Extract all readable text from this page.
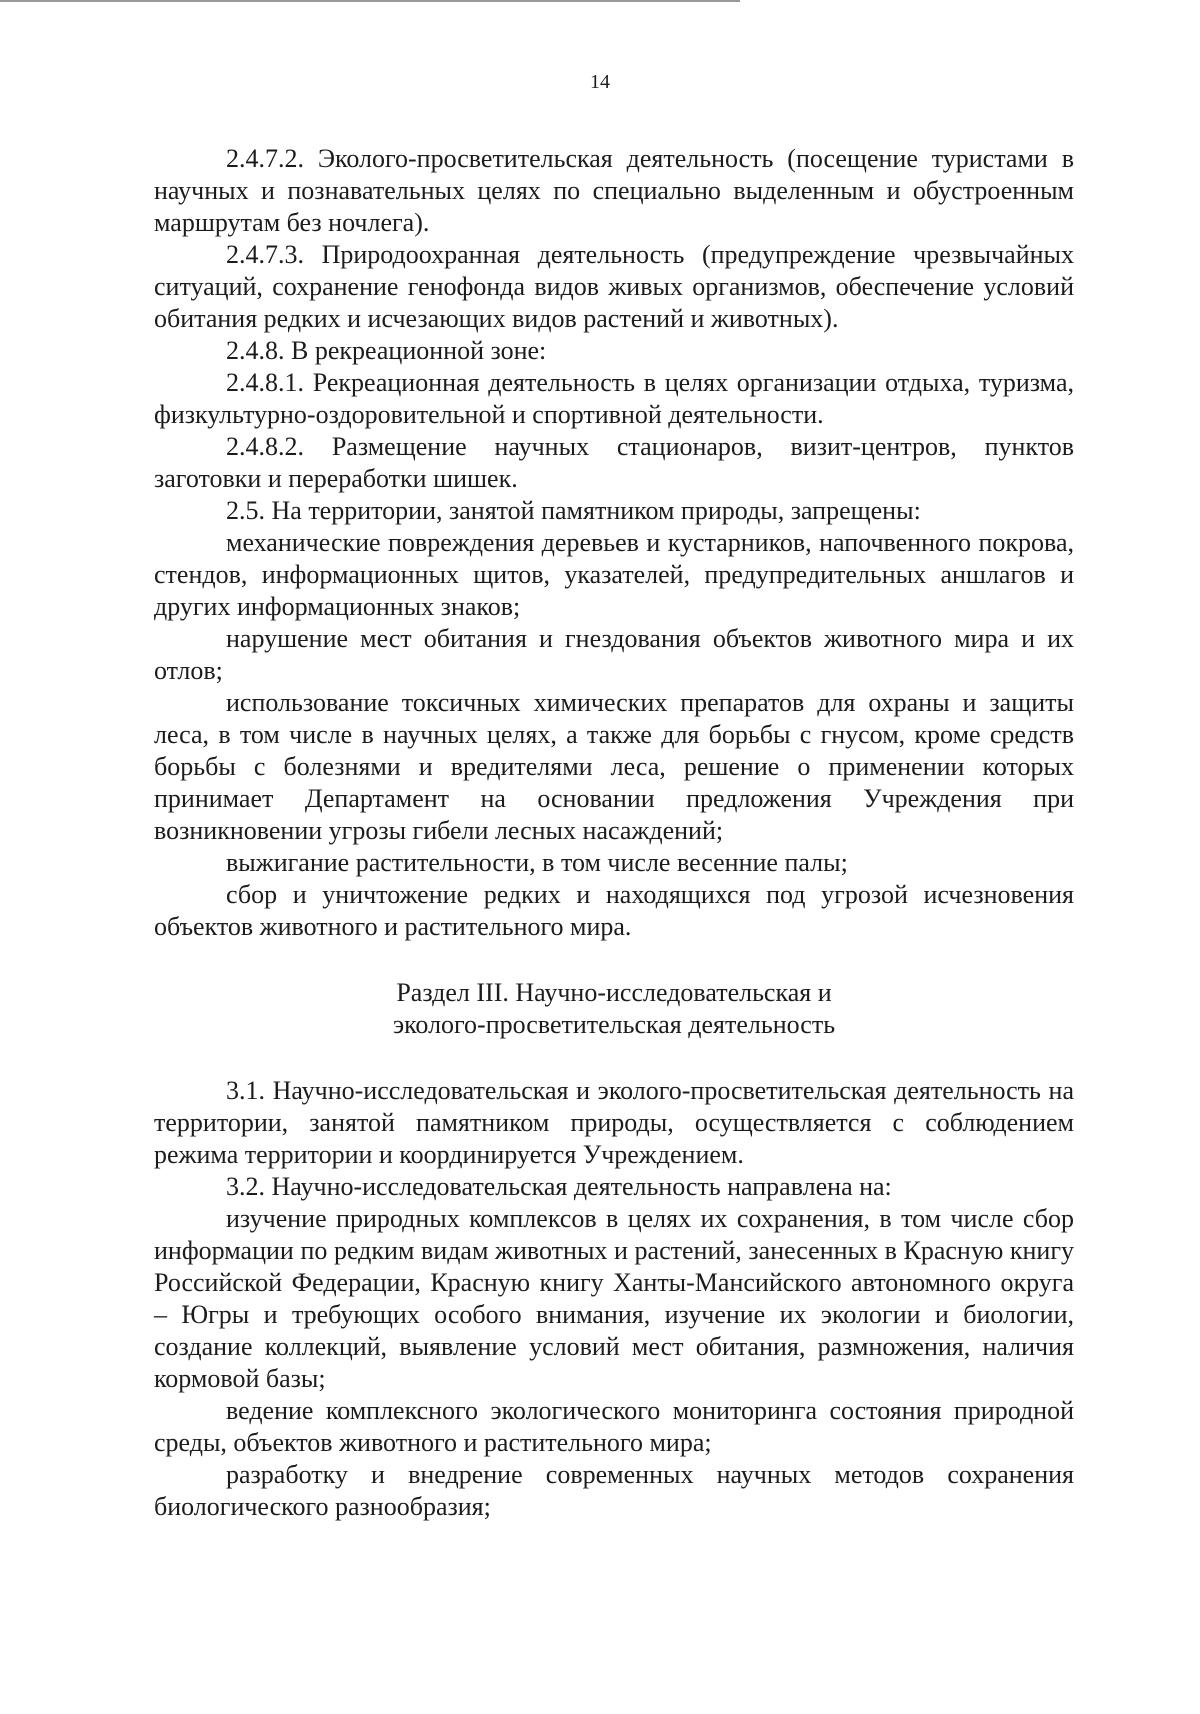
14

2.4.7.2. Эколого-просветительская деятельность (посещение туристами в научных и познавательных целях по специально выделенным и обустроенным маршрутам без ночлега).

2.4.7.3. Природоохранная деятельность (предупреждение чрезвычайных ситуаций, сохранение генофонда видов живых организмов, обеспечение условий обитания редких и исчезающих видов растений и животных).

2.4.8. В рекреационной зоне:

2.4.8.1. Рекреационная деятельность в целях организации отдыха, туризма, физкультурно-оздоровительной и спортивной деятельности.

2.4.8.2. Размещение научных стационаров, визит-центров, пунктов заготовки и переработки шишек.

2.5. На территории, занятой памятником природы, запрещены:

механические повреждения деревьев и кустарников, напочвенного покрова, стендов, информационных щитов, указателей, предупредительных аншлагов и других информационных знаков;

нарушение мест обитания и гнездования объектов животного мира и их отлов;

использование токсичных химических препаратов для охраны и защиты леса, в том числе в научных целях, а также для борьбы с гнусом, кроме средств борьбы с болезнями и вредителями леса, решение о применении которых принимает Департамент на основании предложения Учреждения при возникновении угрозы гибели лесных насаждений;

выжигание растительности, в том числе весенние палы;

сбор и уничтожение редких и находящихся под угрозой исчезновения объектов животного и растительного мира.

Раздел III. Научно-исследовательская и
эколого-просветительская деятельность

3.1. Научно-исследовательская и эколого-просветительская деятельность на территории, занятой памятником природы, осуществляется с соблюдением режима территории и координируется Учреждением.

3.2. Научно-исследовательская деятельность направлена на:

изучение природных комплексов в целях их сохранения, в том числе сбор информации по редким видам животных и растений, занесенных в Красную книгу Российской Федерации, Красную книгу Ханты-Мансийского автономного округа – Югры и требующих особого внимания, изучение их экологии и биологии, создание коллекций, выявление условий мест обитания, размножения, наличия кормовой базы;

ведение комплексного экологического мониторинга состояния природной среды, объектов животного и растительного мира;

разработку и внедрение современных научных методов сохранения биологического разнообразия;
